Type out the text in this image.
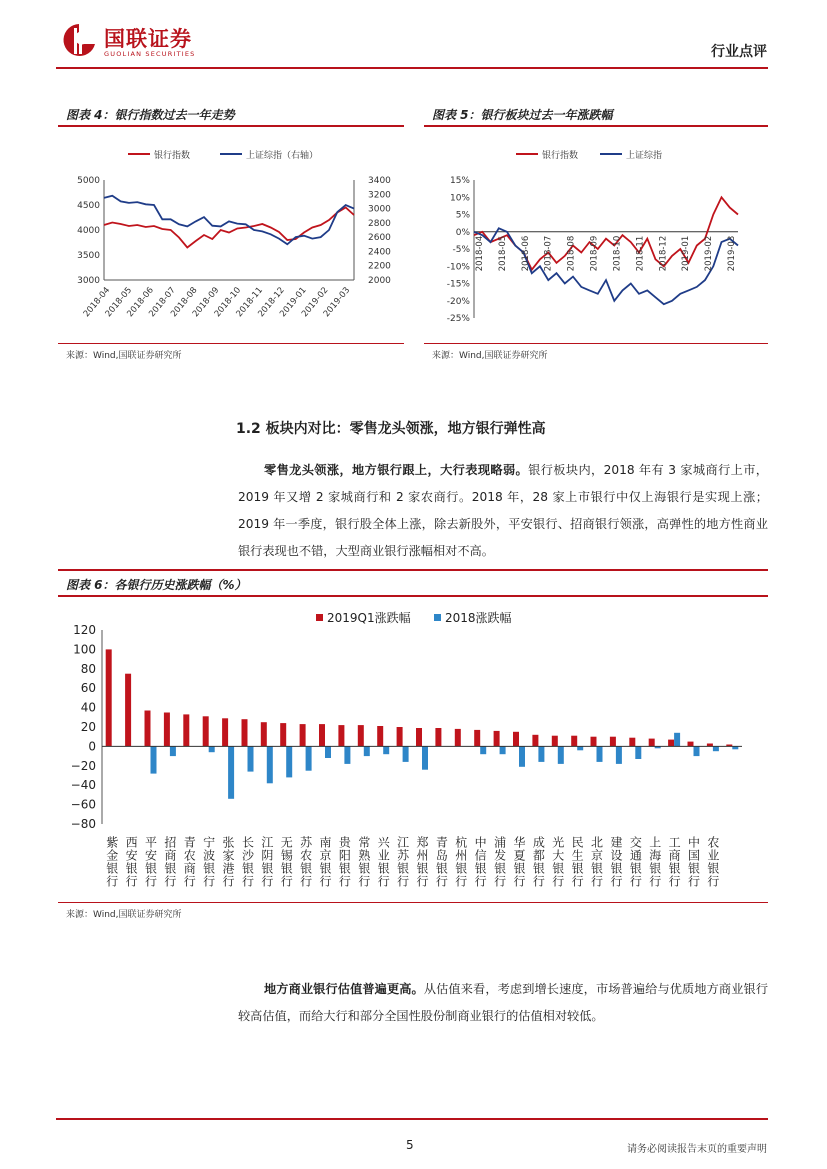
国联证券
GUOLIAN SECURITIES	行业点评
图表 4：银行指数过去一年走势
银行指数	上证综指（右轴）
5000
4500
4000
3500
3000
3400
3200
3000
2800
2600
2400
2200
2000
2018-04
2018-05
2018-06
2018-07
2018-08
2018-09
2018-10
2018-11
2018-12
2019-01
2019-02
2019-03
来源：Wind,国联证券研究所
图表 5：银行板块过去一年涨跌幅
银行指数	上证综指
15%
10%
5%
0%
-5%
-10%
-15%
-20%
-25%
2018-04 2018-05 2018-06 2018-07 2018-08 2018-09 2018-10 2018-11 2018-12 2019-01 2019-02 2019-03
来源：Wind,国联证券研究所
1.2 板块内对比：零售龙头领涨，地方银行弹性高
零售龙头领涨，地方银行跟上，大行表现略弱。银行板块内，2018 年有 3 家城商行上市，2019 年又增 2 家城商行和 2 家农商行。2018 年，28 家上市银行中仅上海银行是实现上涨；2019 年一季度，银行股全体上涨，除去新股外，平安银行、招商银行领涨，高弹性的地方性商业银行表现也不错，大型商业银行涨幅相对不高。
图表 6：各银行历史涨跌幅（%）
2019Q1涨跌幅	2018涨跌幅
120
100
80
60
40
20
0
−20
−40
−60
−80
紫金银行 西安银行 平安银行 招商银行 青农商行 宁波银行 张家港行 长沙银行 江阴银行 无锡银行 苏农银行 南京银行 贵阳银行 常熟银行 兴业银行 江苏银行 郑州银行 青岛银行 杭州银行 中信银行 浦发银行 华夏银行 成都银行 光大银行 民生银行 北京银行 建设银行 交通银行 上海银行 工商银行 中国银行 农业银行
来源：Wind,国联证券研究所
地方商业银行估值普遍更高。从估值来看，考虑到增长速度，市场普遍给与优质地方商业银行较高估值，而给大行和部分全国性股份制商业银行的估值相对较低。
5	请务必阅读报告末页的重要声明
